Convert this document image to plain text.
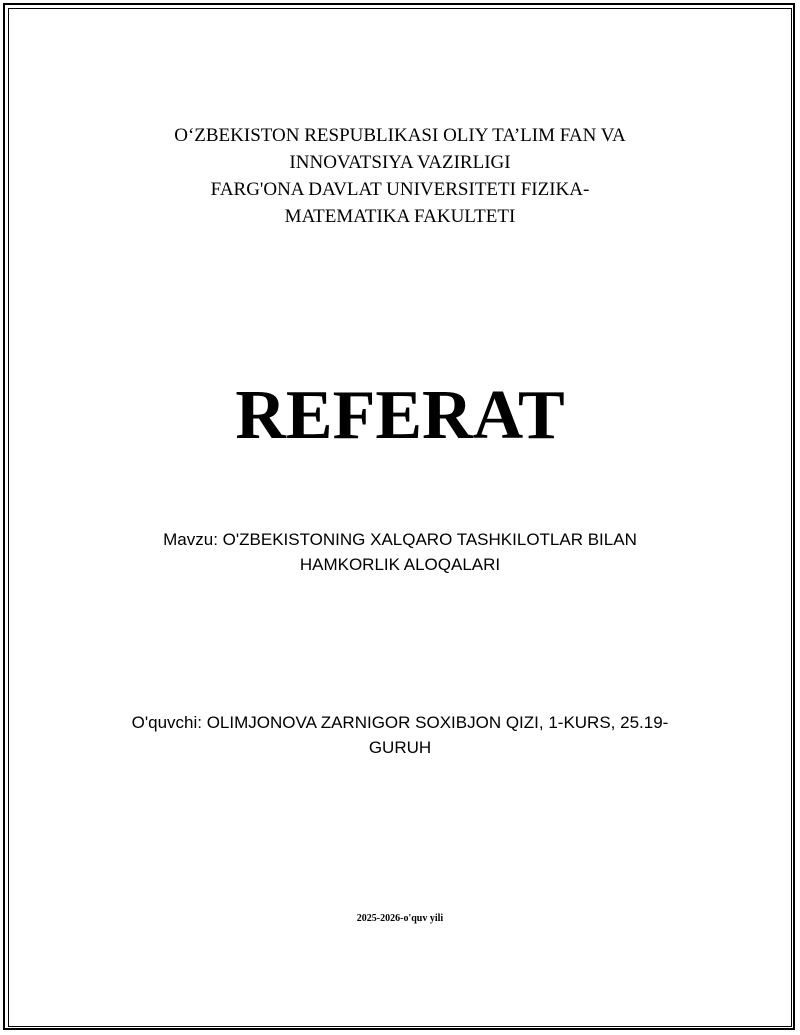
O‘ZBEKISTON RESPUBLIKASI OLIY TA’LIM FAN VA
INNOVATSIYA VAZIRLIGI
FARG'ONA DAVLAT UNIVERSITETI FIZIKA-
MATEMATIKA FAKULTETI
REFERAT
Mavzu: O'ZBEKISTONING XALQARO TASHKILOTLAR BILAN
HAMKORLIK ALOQALARI
O'quvchi: OLIMJONOVA ZARNIGOR SOXIBJON QIZI, 1-KURS, 25.19-
GURUH
2025-2026-o'quv yili
